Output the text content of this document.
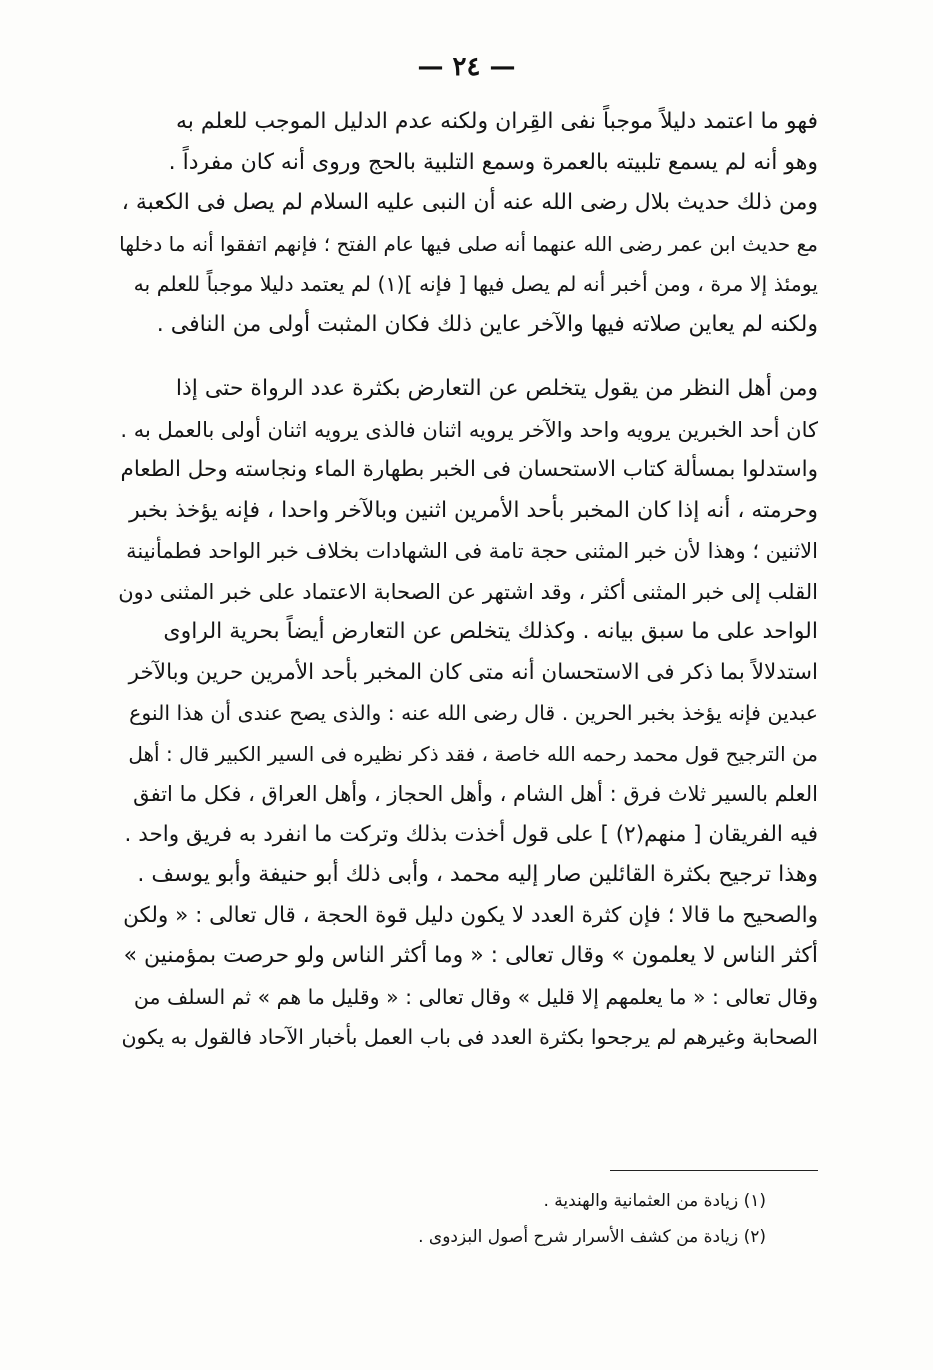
— ٢٤ —
فهو ما اعتمد دليلاً موجباً نفى القِران ولكنه عدم الدليل الموجب للعلم به
وهو أنه لم يسمع تلبيته بالعمرة وسمع التلبية بالحج وروى أنه كان مفرداً .
ومن ذلك حديث بلال رضى الله عنه أن النبى عليه السلام لم يصل فى الكعبة ،
مع حديث ابن عمر رضى الله عنهما أنه صلى فيها عام الفتح ؛ فإنهم اتفقوا أنه ما دخلها
يومئذ إلا مرة ، ومن أخبر أنه لم يصل فيها [ فإنه ](١) لم يعتمد دليلا موجباً للعلم به
ولكنه لم يعاين صلاته فيها والآخر عاين ذلك فكان المثبت أولى من النافى .
ومن أهل النظر من يقول يتخلص عن التعارض بكثرة عدد الرواة حتى إذا
كان أحد الخبرين يرويه واحد والآخر يرويه اثنان فالذى يرويه اثنان أولى بالعمل به .
واستدلوا بمسألة كتاب الاستحسان فى الخبر بطهارة الماء ونجاسته وحل الطعام
وحرمته ، أنه إذا كان المخبر بأحد الأمرين اثنين وبالآخر واحدا ، فإنه يؤخذ بخبر
الاثنين ؛ وهذا لأن خبر المثنى حجة تامة فى الشهادات بخلاف خبر الواحد فطمأنينة
القلب إلى خبر المثنى أكثر ، وقد اشتهر عن الصحابة الاعتماد على خبر المثنى دون
الواحد على ما سبق بيانه . وكذلك يتخلص عن التعارض أيضاً بحرية الراوى
استدلالاً بما ذكر فى الاستحسان أنه متى كان المخبر بأحد الأمرين حرين وبالآخر
عبدين فإنه يؤخذ بخبر الحرين . قال رضى الله عنه : والذى يصح عندى أن هذا النوع
من الترجيح قول محمد رحمه الله خاصة ، فقد ذكر نظيره فى السير الكبير قال : أهل
العلم بالسير ثلاث فرق : أهل الشام ، وأهل الحجاز ، وأهل العراق ، فكل ما اتفق
فيه الفريقان [ منهم(٢) ] على قول أخذت بذلك وتركت ما انفرد به فريق واحد .
وهذا ترجيح بكثرة القائلين صار إليه محمد ، وأبى ذلك أبو حنيفة وأبو يوسف .
والصحيح ما قالا ؛ فإن كثرة العدد لا يكون دليل قوة الحجة ، قال تعالى : « ولكن
أكثر الناس لا يعلمون » وقال تعالى : « وما أكثر الناس ولو حرصت بمؤمنين »
وقال تعالى : « ما يعلمهم إلا قليل » وقال تعالى : « وقليل ما هم » ثم السلف من
الصحابة وغيرهم لم يرجحوا بكثرة العدد فى باب العمل بأخبار الآحاد فالقول به يكون
(١) زيادة من العثمانية والهندية .
(٢) زيادة من كشف الأسرار شرح أصول البزدوى .
